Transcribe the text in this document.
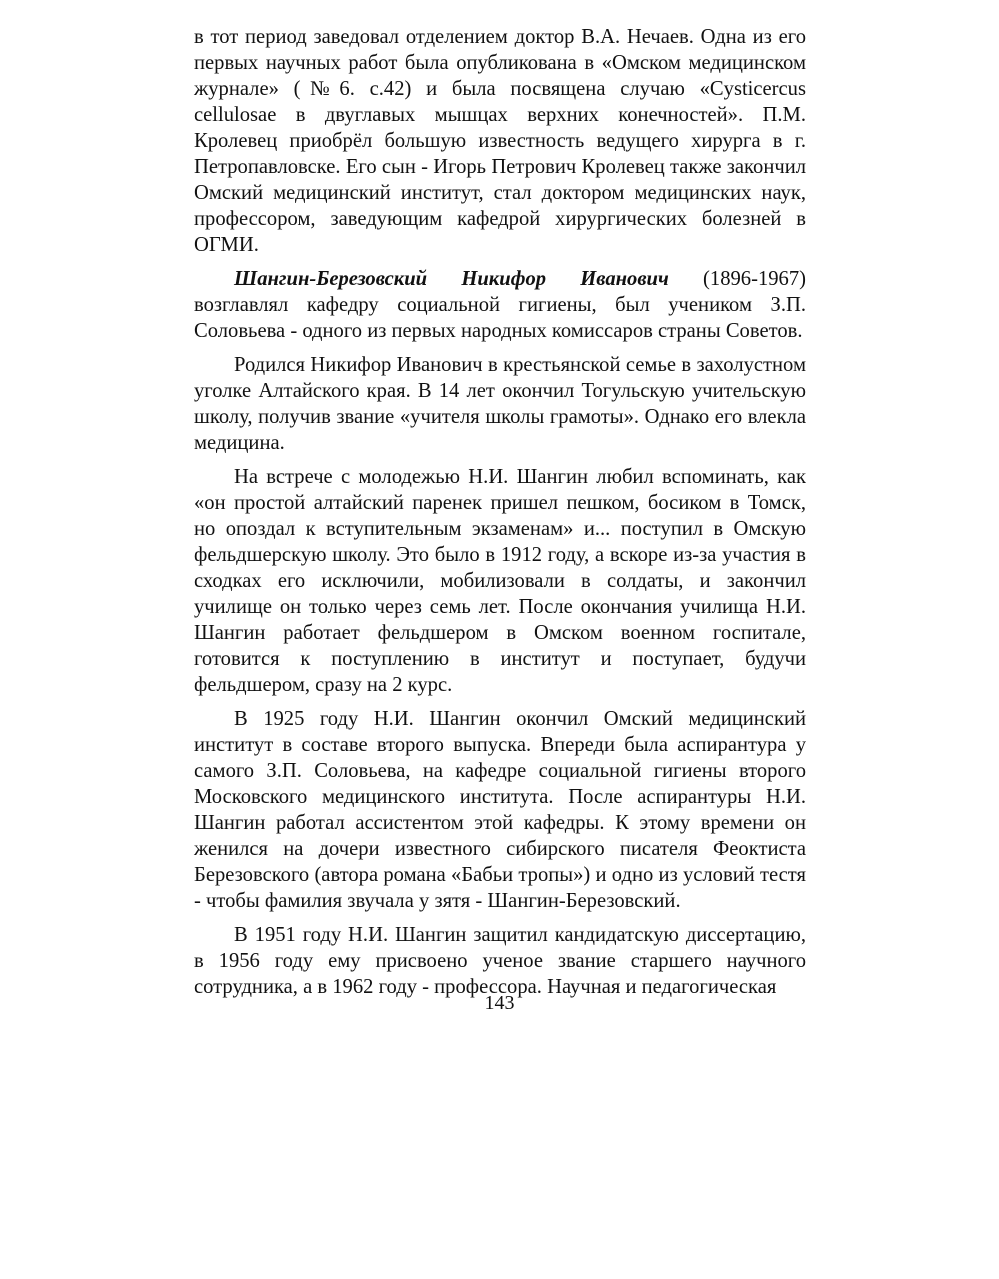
в тот период заведовал отделением доктор В.А. Нечаев. Одна из его первых научных работ была опубликована в «Омском медицинском журнале» (№6. с.42) и была посвящена случаю «Cysticercus cellulosae в двуглавых мышцах верхних конечностей». П.М. Кролевец приобрёл большую известность ведущего хирурга в г. Петропавловске. Его сын - Игорь Петрович Кролевец также закончил Омский медицинский институт, стал доктором медицинских наук, профессором, заведующим кафедрой хирургических болезней в ОГМИ.

Шангин-Березовский Никифор Иванович (1896-1967) возглавлял кафедру социальной гигиены, был учеником З.П. Соловьева - одного из первых народных комиссаров страны Советов.

Родился Никифор Иванович в крестьянской семье в захолустном уголке Алтайского края. В 14 лет окончил Тогульскую учительскую школу, получив звание «учителя школы грамоты». Однако его влекла медицина.

На встрече с молодежью Н.И. Шангин любил вспоминать, как «он простой алтайский паренек пришел пешком, босиком в Томск, но опоздал к вступительным экзаменам» и... поступил в Омскую фельдшерскую школу. Это было в 1912 году, а вскоре из-за участия в сходках его исключили, мобилизовали в солдаты, и закончил училище он только через семь лет. После окончания училища Н.И. Шангин работает фельдшером в Омском военном госпитале, готовится к поступлению в институт и поступает, будучи фельдшером, сразу на 2 курс.

В 1925 году Н.И. Шангин окончил Омский медицинский институт в составе второго выпуска. Впереди была аспирантура у самого З.П. Соловьева, на кафедре социальной гигиены второго Московского медицинского института. После аспирантуры Н.И. Шангин работал ассистентом этой кафедры. К этому времени он женился на дочери известного сибирского писателя Феоктиста Березовского (автора романа «Бабьи тропы») и одно из условий тестя - чтобы фамилия звучала у зятя - Шангин-Березовский.

В 1951 году Н.И. Шангин защитил кандидатскую диссертацию, в 1956 году ему присвоено ученое звание старшего научного сотрудника, а в 1962 году - профессора. Научная и педагогическая

143
